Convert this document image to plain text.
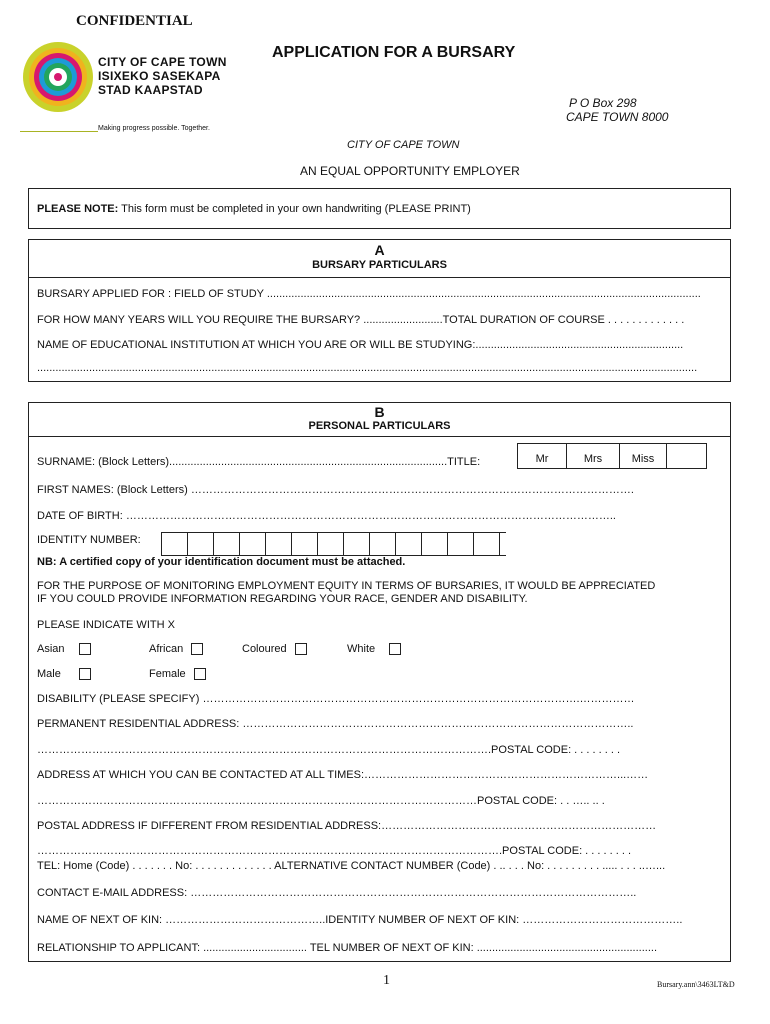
CONFIDENTIAL
CITY OF CAPE TOWN
ISIXEKO SASEKAPA
STAD KAAPSTAD
Making progress possible. Together.
APPLICATION FOR A BURSARY
P O Box 298
CAPE TOWN 8000
CITY OF CAPE TOWN
AN EQUAL OPPORTUNITY EMPLOYER
PLEASE NOTE: This form must be completed in your own handwriting (PLEASE PRINT)
A
BURSARY PARTICULARS
BURSARY APPLIED FOR : FIELD OF STUDY ..............................................................................................................................................
FOR HOW MANY YEARS WILL YOU REQUIRE THE BURSARY? ..........................TOTAL DURATION OF COURSE . . . . . . . . . . . . .
NAME OF EDUCATIONAL INSTITUTION AT WHICH YOU ARE OR WILL BE STUDYING:....................................................................
........................................................................................................................................................................................................................
B
PERSONAL PARTICULARS
SURNAME: (Block Letters)...........................................................................................TITLE:	Mr	Mrs	Miss
FIRST NAMES: (Block Letters) ………………………………………………………………………………………………………….
DATE OF BIRTH: ……………………………………………………………………………………………………………………..
IDENTITY NUMBER:
NB: A certified copy of your identification document must be attached.
FOR THE PURPOSE OF MONITORING EMPLOYMENT EQUITY IN TERMS OF BURSARIES, IT WOULD BE APPRECIATED
IF YOU COULD PROVIDE INFORMATION REGARDING YOUR RACE, GENDER AND DISABILITY.
PLEASE INDICATE WITH X
Asian	African	Coloured	White
Male	Female
DISABILITY (PLEASE SPECIFY) ………………………………………………………………………………………….……………
PERMANENT RESIDENTIAL ADDRESS: ……………………………………………………………………………………………..
…………………………………………………………………………………………………………….POSTAL CODE: . . . . . . . .
ADDRESS AT WHICH YOU CAN BE CONTACTED AT ALL TIMES:……………………………………………………………...……
…………………………………………………………………………………………………………POSTAL CODE: . . ….. .. .
POSTAL ADDRESS IF DIFFERENT FROM RESIDENTIAL ADDRESS:…………………………………………………………………
……………………………………………………………………………………………………………….POSTAL CODE: . . . . . . . .
TEL: Home (Code) . . . . . . . No: . . . . . . . . . . . . . ALTERNATIVE CONTACT NUMBER (Code) . .. . . . No: . . . . . . . . . ..... . . . ..…...
CONTACT E-MAIL ADDRESS: …………………………………………………………………………………………………………..
NAME OF NEXT OF KIN: ……………………………………..IDENTITY NUMBER OF NEXT OF KIN: ……………………………………..
RELATIONSHIP TO APPLICANT: .................................. TEL NUMBER OF NEXT OF KIN: ...........................................................
1	Bursary.ann\3463LT&D
